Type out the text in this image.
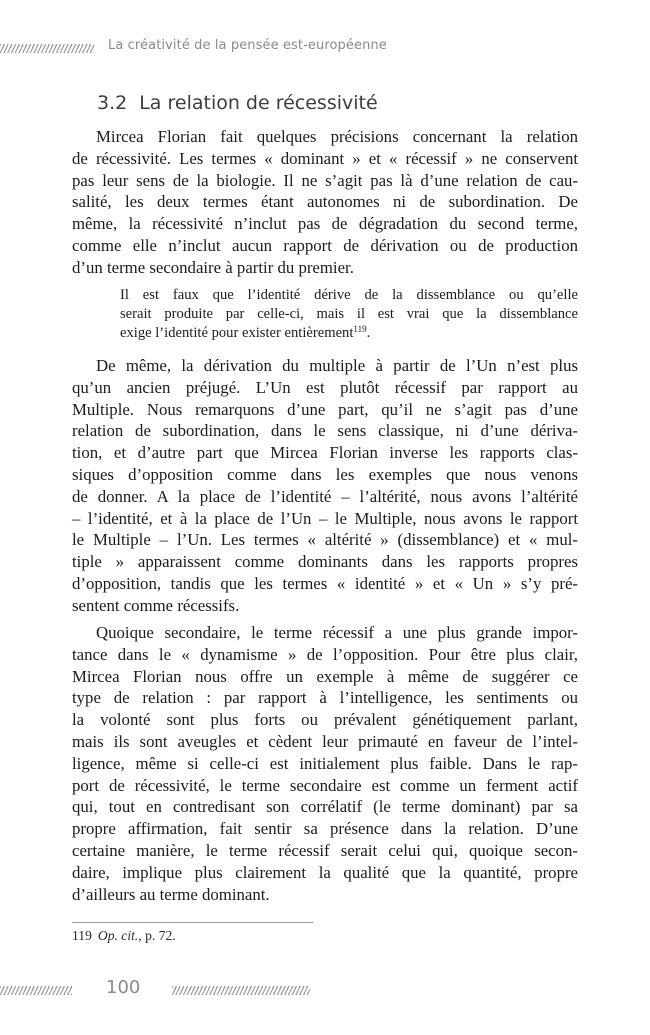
La créativité de la pensée est-européenne
3.2 La relation de récessivité
Mircea Florian fait quelques précisions concernant la relation
de récessivité. Les termes « dominant » et « récessif » ne conservent
pas leur sens de la biologie. Il ne s’agit pas là d’une relation de cau-
salité, les deux termes étant autonomes ni de subordination. De
même, la récessivité n’inclut pas de dégradation du second terme,
comme elle n’inclut aucun rapport de dérivation ou de production
d’un terme secondaire à partir du premier.
Il est faux que l’identité dérive de la dissemblance ou qu’elle
serait produite par celle-ci, mais il est vrai que la dissemblance
exige l’identité pour exister entièrement$^{119}$.
De même, la dérivation du multiple à partir de l’Un n’est plus
qu’un ancien préjugé. L’Un est plutôt récessif par rapport au
Multiple. Nous remarquons d’une part, qu’il ne s’agit pas d’une
relation de subordination, dans le sens classique, ni d’une dériva-
tion, et d’autre part que Mircea Florian inverse les rapports clas-
siques d’opposition comme dans les exemples que nous venons
de donner. A la place de l’identité – l’altérité, nous avons l’altérité
– l’identité, et à la place de l’Un – le Multiple, nous avons le rapport
le Multiple – l’Un. Les termes « altérité » (dissemblance) et « mul-
tiple » apparaissent comme dominants dans les rapports propres
d’opposition, tandis que les termes « identité » et « Un » s’y pré-
sentent comme récessifs.
Quoique secondaire, le terme récessif a une plus grande impor-
tance dans le « dynamisme » de l’opposition. Pour être plus clair,
Mircea Florian nous offre un exemple à même de suggérer ce
type de relation : par rapport à l’intelligence, les sentiments ou
la volonté sont plus forts ou prévalent génétiquement parlant,
mais ils sont aveugles et cèdent leur primauté en faveur de l’intel-
ligence, même si celle-ci est initialement plus faible. Dans le rap-
port de récessivité, le terme secondaire est comme un ferment actif
qui, tout en contredisant son corrélatif (le terme dominant) par sa
propre affirmation, fait sentir sa présence dans la relation. D’une
certaine manière, le terme récessif serait celui qui, quoique secon-
daire, implique plus clairement la qualité que la quantité, propre
d’ailleurs au terme dominant.
119 Op. cit., p. 72.
100
